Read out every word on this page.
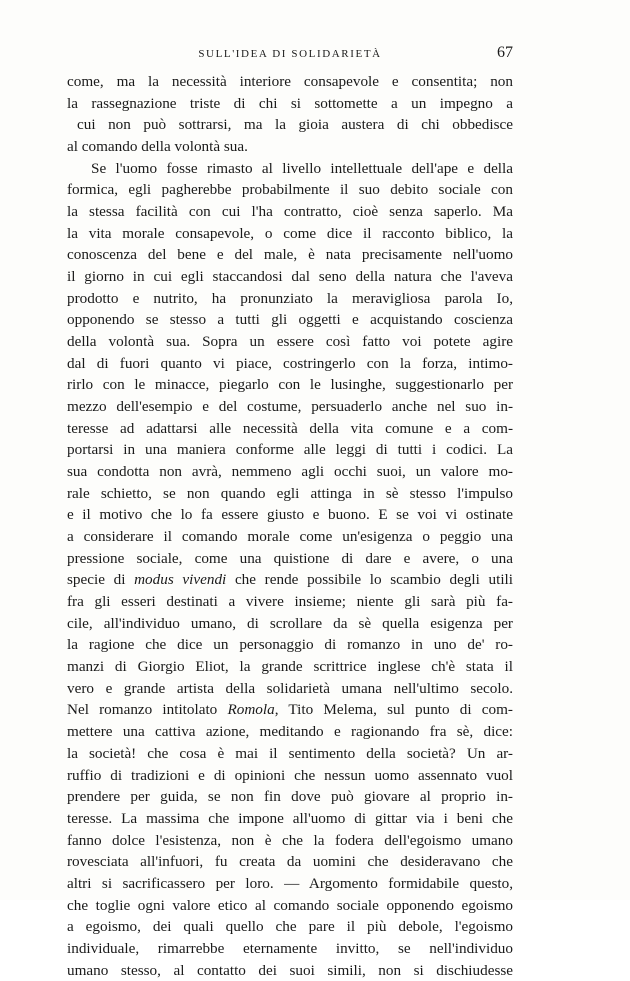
SULL'IDEA DI SOLIDARIETÀ	67
come, ma la necessità interiore consapevole e consentita; non
la rassegnazione triste di chi si sottomette a un impegno a
cui non può sottrarsi, ma la gioia austera di chi obbedisce
al comando della volontà sua.
Se l'uomo fosse rimasto al livello intellettuale dell'ape e della
formica, egli pagherebbe probabilmente il suo debito sociale con
la stessa facilità con cui l'ha contratto, cioè senza saperlo. Ma
la vita morale consapevole, o come dice il racconto biblico, la
conoscenza del bene e del male, è nata precisamente nell'uomo
il giorno in cui egli staccandosi dal seno della natura che l'aveva
prodotto e nutrito, ha pronunziato la meravigliosa parola Io,
opponendo se stesso a tutti gli oggetti e acquistando coscienza
della volontà sua. Sopra un essere così fatto voi potete agire
dal di fuori quanto vi piace, costringerlo con la forza, intimo-
rirlo con le minacce, piegarlo con le lusinghe, suggestionarlo per
mezzo dell'esempio e del costume, persuaderlo anche nel suo in-
teresse ad adattarsi alle necessità della vita comune e a com-
portarsi in una maniera conforme alle leggi di tutti i codici. La
sua condotta non avrà, nemmeno agli occhi suoi, un valore mo-
rale schietto, se non quando egli attinga in sè stesso l'impulso
e il motivo che lo fa essere giusto e buono. E se voi vi ostinate
a considerare il comando morale come un'esigenza o peggio una
pressione sociale, come una quistione di dare e avere, o una
specie di modus vivendi che rende possibile lo scambio degli utili
fra gli esseri destinati a vivere insieme; niente gli sarà più fa-
cile, all'individuo umano, di scrollare da sè quella esigenza per
la ragione che dice un personaggio di romanzo in uno de' ro-
manzi di Giorgio Eliot, la grande scrittrice inglese ch'è stata il
vero e grande artista della solidarietà umana nell'ultimo secolo.
Nel romanzo intitolato Romola, Tito Melema, sul punto di com-
mettere una cattiva azione, meditando e ragionando fra sè, dice:
la società! che cosa è mai il sentimento della società? Un ar-
ruffio di tradizioni e di opinioni che nessun uomo assennato vuol
prendere per guida, se non fin dove può giovare al proprio in-
teresse. La massima che impone all'uomo di gittar via i beni che
fanno dolce l'esistenza, non è che la fodera dell'egoismo umano
rovesciata all'infuori, fu creata da uomini che desideravano che
altri si sacrificassero per loro. — Argomento formidabile questo,
che toglie ogni valore etico al comando sociale opponendo egoismo
a egoismo, dei quali quello che pare il più debole, l'egoismo
individuale, rimarrebbe eternamente invitto, se nell'individuo
umano stesso, al contatto dei suoi simili, non si dischiudesse
